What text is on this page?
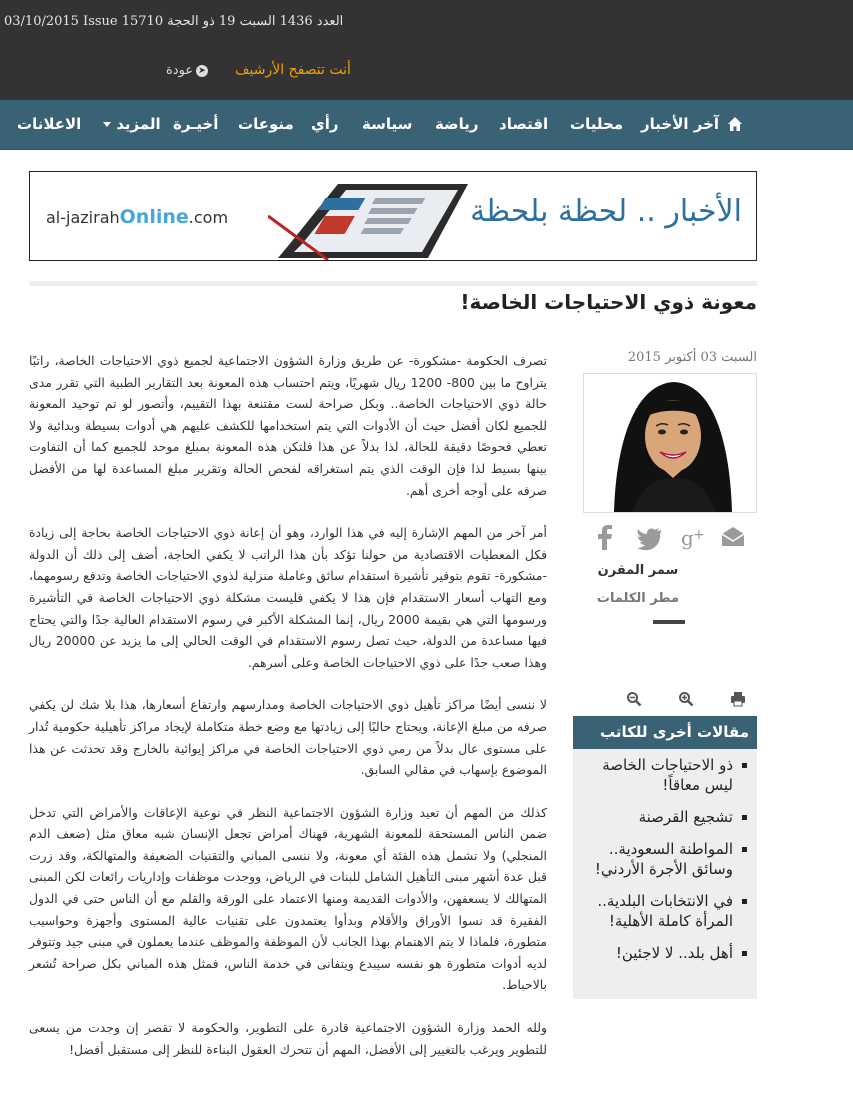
03/10/2015 Issue 15710 العدد 1436 السبت 19 ذو الحجة
أنت تتصفح الأرشيف
➤
عودة
آخر الأخبار
محليات
اقتصاد
رياضة
سياسة
رأي
منوعات
أخيـرة
المزيد
الاعلانات
al-jazirahOnline.com	الأخبار .. لحظة بلحظة
معونة ذوي الاحتياجات الخاصة!
السبت 03 أكتوبر 2015
g +
سمر المقرن
مطر الكلمات
مقالات أخرى للكاتب
ذو الاحتياجات الخاصة ليس معاقاً!
تشجيع القرصنة
المواطنة السعودية.. وسائق الأجرة الأردني!
في الانتخابات البلدية.. المرأة كاملة الأهلية!
أهل بلد.. لا لاجئين!

تصرف الحكومة -مشكورة- عن طريق وزارة الشؤون الاجتماعية لجميع ذوي الاحتياجات الخاصة، راتبًا يتراوح ما بين 800- 1200 ريال شهريًا، ويتم احتساب هذه المعونة بعد التقارير الطبية التي تقرر مدى حالة ذوي الاحتياجات الخاصة.. وبكل صراحة لست مقتنعة بهذا التقييم، وأتصور لو تم توحيد المعونة للجميع لكان أفضل حيث أن الأدوات التي يتم استخدامها للكشف عليهم هي أدوات بسيطة وبدائية ولا تعطي فحوصًا دقيقة للحالة، لذا بدلاً عن هذا فلتكن هذه المعونة بمبلغ موحد للجميع كما أن التفاوت بينها بسيط لذا فإن الوقت الذي يتم استغراقه لفحص الحالة وتقرير مبلغ المساعدة لها من الأفضل صرفه على أوجه أخرى أهم.

أمر آخر من المهم الإشارة إليه في هذا الوارد، وهو أن إعانة ذوي الاحتياجات الخاصة بحاجة إلى زيادة فكل المعطيات الاقتصادية من حولنا تؤكد بأن هذا الراتب لا يكفي الحاجة، أضف إلى ذلك أن الدولة -مشكورة- تقوم بتوفير تأشيرة استقدام سائق وعاملة منزلية لذوي الاحتياجات الخاصة وتدفع رسومهما، ومع التهاب أسعار الاستقدام فإن هذا لا يكفي فليست مشكلة ذوي الاحتياجات الخاصة في التأشيرة ورسومها التي هي بقيمة 2000 ريال، إنما المشكلة الأكبر في رسوم الاستقدام العالية جدًا والتي يحتاج فيها مساعدة من الدولة، حيث تصل رسوم الاستقدام في الوقت الحالي إلى ما يزيد عن 20000 ريال وهذا صعب جدًا على ذوي الاحتياجات الخاصة وعلى أسرهم.

لا ننسى أيضًا مراكز تأهيل ذوي الاحتياجات الخاصة ومدارسهم وارتفاع أسعارها، هذا بلا شك لن يكفي صرفه من مبلغ الإعانة، ويحتاج حاليًا إلى زيادتها مع وضع خطة متكاملة لإيجاد مراكز تأهيلية حكومية تُدار على مستوى عال بدلاً من رمي ذوي الاحتياجات الخاصة في مراكز إيوائية بالخارج وقد تحدثت عن هذا الموضوع بإسهاب في مقالي السابق.

كذلك من المهم أن تعيد وزارة الشؤون الاجتماعية النظر في نوعية الإعاقات والأمراض التي تدخل ضمن الناس المستحقة للمعونة الشهرية، فهناك أمراض تجعل الإنسان شبه معاق مثل (ضعف الدم المنجلي) ولا تشمل هذه الفئة أي معونة، ولا ننسى المباني والتقنيات الضعيفة والمتهالكة، وقد زرت قبل عدة أشهر مبنى التأهيل الشامل للبنات في الرياض، ووجدت موظفات وإداريات رائعات لكن المبنى المتهالك لا يسعفهن، والأدوات القديمة ومنها الاعتماد على الورقة والقلم مع أن الناس حتى في الدول الفقيرة قد نسوا الأوراق والأقلام وبدأوا يعتمدون على تقنيات عالية المستوى وأجهزة وحواسيب متطورة، فلماذا لا يتم الاهتمام بهذا الجانب لأن الموظفة والموظف عندما يعملون في مبنى جيد وتتوفر لديه أدوات متطورة هو نفسه سيبدع ويتفانى في خدمة الناس، فمثل هذه المباني بكل صراحة تُشعر بالاحباط.

ولله الحمد وزارة الشؤون الاجتماعية قادرة على التطوير، والحكومة لا تقصر إن وجدت من يسعى للتطوير ويرغب بالتغيير إلى الأفضل، المهم أن تتحرك العقول البناءة للنظر إلى مستقبل أفضل!
